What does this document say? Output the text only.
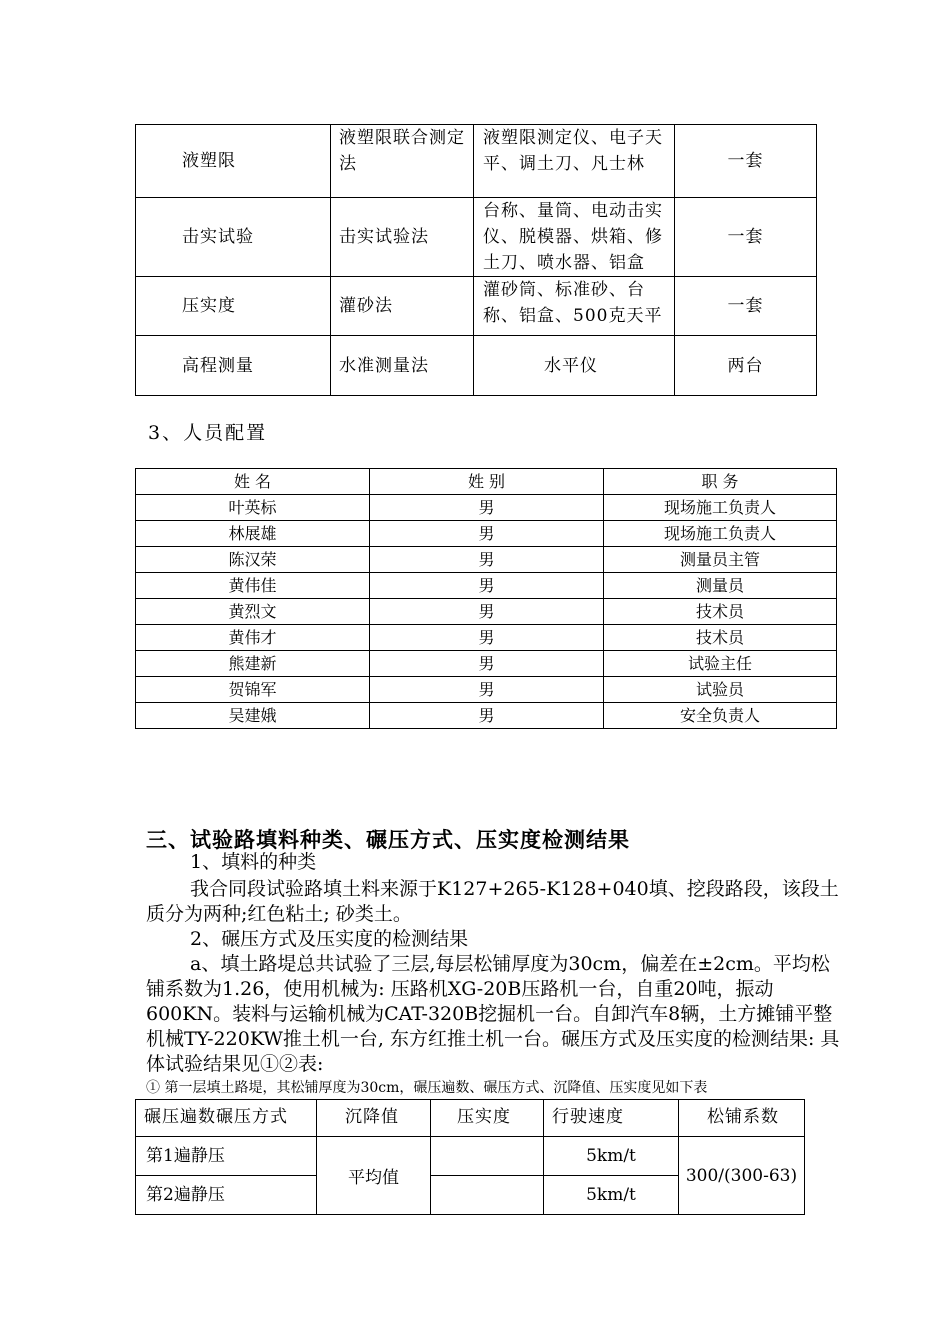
液塑限	液塑限联合测定法	液塑限测定仪、电子天平、调土刀、凡士林	一套
击实试验	击实试验法	台称、量筒、电动击实仪、脱模器、烘箱、修土刀、喷水器、铝盒	一套
压实度	灌砂法	灌砂筒、标准砂、台称、铝盒、500克天平	一套
高程测量	水准测量法	水平仪	两台
3、人员配置
姓 名	姓 别	职 务
叶英标	男	现场施工负责人
林展雄	男	现场施工负责人
陈汉荣	男	测量员主管
黄伟佳	男	测量员
黄烈文	男	技术员
黄伟才	男	技术员
熊建新	男	试验主任
贺锦军	男	试验员
吴建娥	男	安全负责人
三、试验路填料种类、碾压方式、压实度检测结果
1、填料的种类
我合同段试验路填土料来源于K127+265-K128+040填、挖段路段，该段土质分为两种;红色粘土; 砂类土。
2、碾压方式及压实度的检测结果
a、填土路堤总共试验了三层,每层松铺厚度为30cm，偏差在±2cm。平均松铺系数为1.26，使用机械为: 压路机XG-20B压路机一台，自重20吨，振动600KN。装料与运输机械为CAT-320B挖掘机一台。自卸汽车8辆，土方摊铺平整机械TY-220KW推土机一台, 东方红推土机一台。碾压方式及压实度的检测结果: 具体试验结果见①②表:
① 第一层填土路堤，其松铺厚度为30cm，碾压遍数、碾压方式、沉降值、压实度见如下表
碾压遍数碾压方式	沉降值	压实度	行驶速度	松铺系数
第1遍静压	平均值		5km/t	300/(300-63)
第2遍静压			5km/t	
